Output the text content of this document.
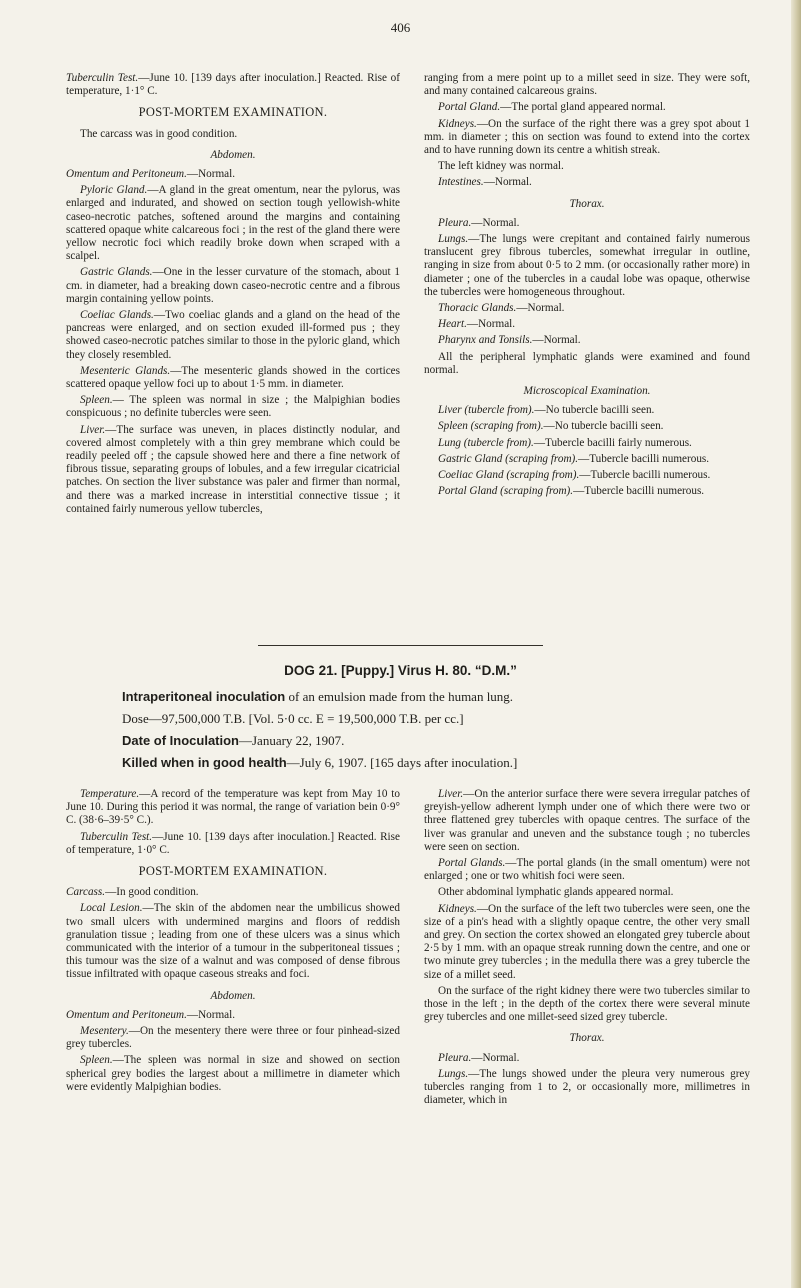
406

Tuberculin Test.—June 10. [139 days after inoculation.] Reacted. Rise of temperature, 1·1° C.

POST-MORTEM EXAMINATION.

The carcass was in good condition.

Abdomen.

Omentum and Peritoneum.—Normal.

Pyloric Gland.—A gland in the great omentum, near the pylorus, was enlarged and indurated, and showed on section tough yellowish-white caseo-necrotic patches, softened around the margins and containing scattered opaque white calcareous foci ; in the rest of the gland there were yellow necrotic foci which readily broke down when scraped with a scalpel.

Gastric Glands.—One in the lesser curvature of the stomach, about 1 cm. in diameter, had a breaking down caseo-necrotic centre and a fibrous margin containing yellow points.

Coeliac Glands.—Two coeliac glands and a gland on the head of the pancreas were enlarged, and on section exuded ill-formed pus ; they showed caseo-necrotic patches similar to those in the pyloric gland, which they closely resembled.

Mesenteric Glands.—The mesenteric glands showed in the cortices scattered opaque yellow foci up to about 1·5 mm. in diameter.

Spleen.— The spleen was normal in size ; the Malpighian bodies conspicuous ; no definite tubercles were seen.

Liver.—The surface was uneven, in places distinctly nodular, and covered almost completely with a thin grey membrane which could be readily peeled off ; the capsule showed here and there a fine network of fibrous tissue, separating groups of lobules, and a few irregular cicatricial patches. On section the liver substance was paler and firmer than normal, and there was a marked increase in interstitial connective tissue ; it contained fairly numerous yellow tubercles,

ranging from a mere point up to a millet seed in size. They were soft, and many contained calcareous grains.

Portal Gland.—The portal gland appeared normal.

Kidneys.—On the surface of the right there was a grey spot about 1 mm. in diameter ; this on section was found to extend into the cortex and to have running down its centre a whitish streak.

The left kidney was normal.

Intestines.—Normal.

Thorax.

Pleura.—Normal.

Lungs.—The lungs were crepitant and contained fairly numerous translucent grey fibrous tubercles, somewhat irregular in outline, ranging in size from about 0·5 to 2 mm. (or occasionally rather more) in diameter ; one of the tubercles in a caudal lobe was opaque, otherwise the tubercles were homogeneous throughout.

Thoracic Glands.—Normal.

Heart.—Normal.

Pharynx and Tonsils.—Normal.

All the peripheral lymphatic glands were examined and found normal.

Microscopical Examination.

Liver (tubercle from).—No tubercle bacilli seen.

Spleen (scraping from).—No tubercle bacilli seen.

Lung (tubercle from).—Tubercle bacilli fairly numerous.

Gastric Gland (scraping from).—Tubercle bacilli numerous.

Coeliac Gland (scraping from).—Tubercle bacilli numerous.

Portal Gland (scraping from).—Tubercle bacilli numerous.

DOG 21. [Puppy.] Virus H. 80. “D.M.”
Intraperitoneal inoculation of an emulsion made from the human lung.
Dose—97,500,000 T.B. [Vol. 5·0 cc. E = 19,500,000 T.B. per cc.]
Date of Inoculation—January 22, 1907.
Killed when in good health—July 6, 1907. [165 days after inoculation.]

Temperature.—A record of the temperature was kept from May 10 to June 10. During this period it was normal, the range of variation bein 0·9° C. (38·6–39·5° C.).

Tuberculin Test.—June 10. [139 days after inoculation.] Reacted. Rise of temperature, 1·0° C.

POST-MORTEM EXAMINATION.

Carcass.—In good condition.

Local Lesion.—The skin of the abdomen near the umbilicus showed two small ulcers with undermined margins and floors of reddish granulation tissue ; leading from one of these ulcers was a sinus which communicated with the interior of a tumour in the subperitoneal tissues ; this tumour was the size of a walnut and was composed of dense fibrous tissue infiltrated with opaque caseous streaks and foci.

Abdomen.

Omentum and Peritoneum.—Normal.

Mesentery.—On the mesentery there were three or four pinhead-sized grey tubercles.

Spleen.—The spleen was normal in size and showed on section spherical grey bodies the largest about a millimetre in diameter which were evidently Malpighian bodies.

Liver.—On the anterior surface there were severa irregular patches of greyish-yellow adherent lymph under one of which there were two or three flattened grey tubercles with opaque centres. The surface of the liver was granular and uneven and the substance tough ; no tubercles were seen on section.

Portal Glands.—The portal glands (in the small omentum) were not enlarged ; one or two whitish foci were seen.

Other abdominal lymphatic glands appeared normal.

Kidneys.—On the surface of the left two tubercles were seen, one the size of a pin's head with a slightly opaque centre, the other very small and grey. On section the cortex showed an elongated grey tubercle about 2·5 by 1 mm. with an opaque streak running down the centre, and one or two minute grey tubercles ; in the medulla there was a grey tubercle the size of a millet seed.

On the surface of the right kidney there were two tubercles similar to those in the left ; in the depth of the cortex there were several minute grey tubercles and one millet-seed sized grey tubercle.

Thorax.

Pleura.—Normal.

Lungs.—The lungs showed under the pleura very numerous grey tubercles ranging from 1 to 2, or occasionally more, millimetres in diameter, which in
